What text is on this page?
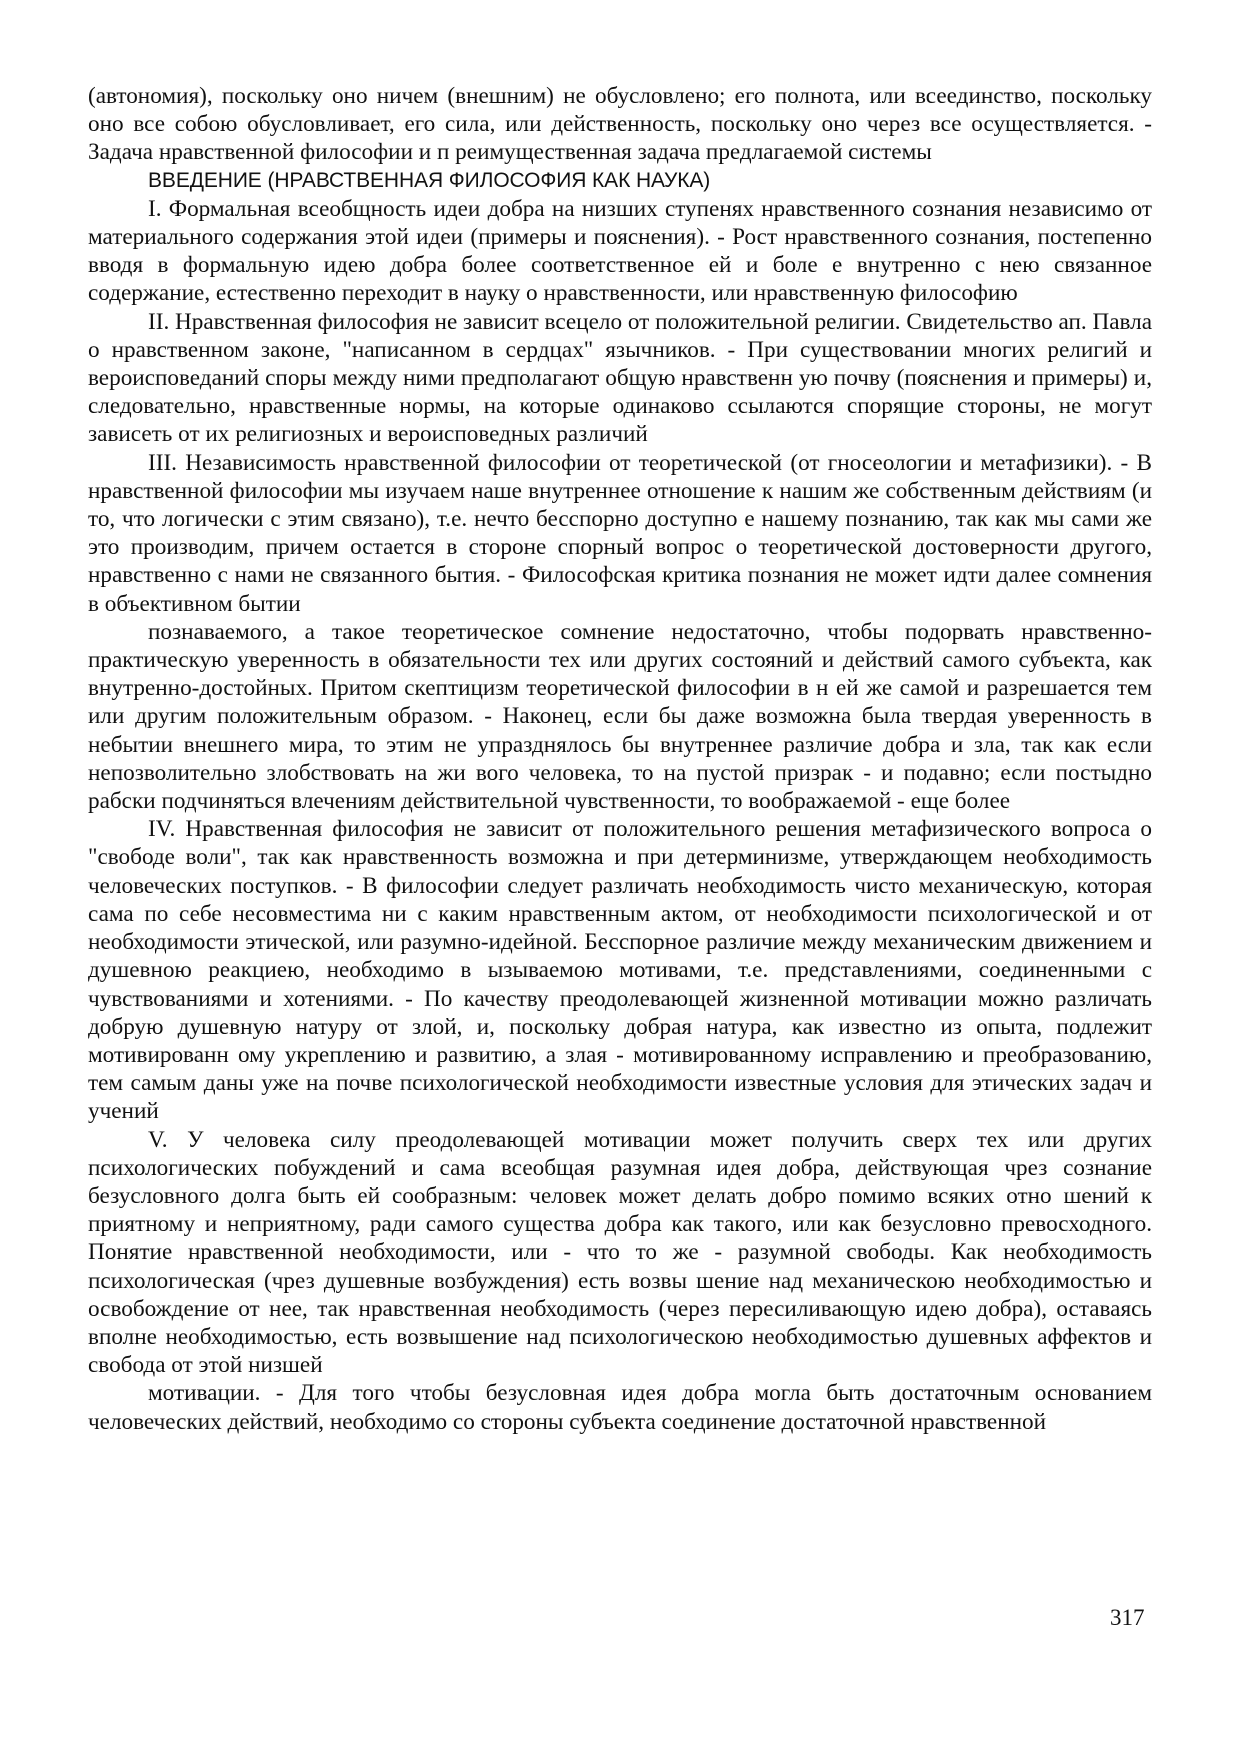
(автономия), поскольку оно ничем (внешним) не обусловлено; его полнота, или всеединство, поскольку оно все собою обусловливает, его сила, или действенность, поскольку оно через все осуществляется. - Задача нравственной философии и п реимущественная задача предлагаемой системы

ВВЕДЕНИЕ (НРАВСТВЕННАЯ ФИЛОСОФИЯ КАК НАУКА)

I. Формальная всеобщность идеи добра на низших ступенях нравственного сознания независимо от материального содержания этой идеи (примеры и пояснения). - Рост нравственного сознания, постепенно вводя в формальную идею добра более соответственное ей и боле е внутренно с нею связанное содержание, естественно переходит в науку о нравственности, или нравственную философию

II. Нравственная философия не зависит всецело от положительной религии. Свидетельство ап. Павла о нравственном законе, "написанном в сердцах" язычников. - При существовании многих религий и вероисповеданий споры между ними предполагают общую нравственн ую почву (пояснения и примеры) и, следовательно, нравственные нормы, на которые одинаково ссылаются спорящие стороны, не могут зависеть от их религиозных и вероисповедных различий

III. Независимость нравственной философии от теоретической (от гносеологии и метафизики). - В нравственной философии мы изучаем наше внутреннее отношение к нашим же собственным действиям (и то, что логически с этим связано), т.е. нечто бесспорно доступно е нашему познанию, так как мы сами же это производим, причем остается в стороне спорный вопрос о теоретической достоверности другого, нравственно с нами не связанного бытия. - Философская критика познания не может идти далее сомнения в объективном бытии

познаваемого, а такое теоретическое сомнение недостаточно, чтобы подорвать нравственно-практическую уверенность в обязательности тех или других состояний и действий самого субъекта, как внутренно-достойных. Притом скептицизм теоретической философии в н ей же самой и разрешается тем или другим положительным образом. - Наконец, если бы даже возможна была твердая уверенность в небытии внешнего мира, то этим не упразднялось бы внутреннее различие добра и зла, так как если непозволительно злобствовать на жи вого человека, то на пустой призрак - и подавно; если постыдно рабски подчиняться влечениям действительной чувственности, то воображаемой - еще более

IV. Нравственная философия не зависит от положительного решения метафизического вопроса о "свободе воли", так как нравственность возможна и при детерминизме, утверждающем необходимость человеческих поступков. - В философии следует различать необходимость чисто механическую, которая сама по себе несовместима ни с каким нравственным актом, от необходимости психологической и от необходимости этической, или разумно-идейной. Бесспорное различие между механическим движением и душевною реакциею, необходимо в ызываемою мотивами, т.е. представлениями, соединенными с чувствованиями и хотениями. - По качеству преодолевающей жизненной мотивации можно различать добрую душевную натуру от злой, и, поскольку добрая натура, как известно из опыта, подлежит мотивированн ому укреплению и развитию, а злая - мотивированному исправлению и преобразованию, тем самым даны уже на почве психологической необходимости известные условия для этических задач и учений

V. У человека силу преодолевающей мотивации может получить сверх тех или других психологических побуждений и сама всеобщая разумная идея добра, действующая чрез сознание безусловного долга быть ей сообразным: человек может делать добро помимо всяких отно шений к приятному и неприятному, ради самого существа добра как такого, или как безусловно превосходного. Понятие нравственной необходимости, или - что то же - разумной свободы. Как необходимость психологическая (чрез душевные возбуждения) есть возвы шение над механическою необходимостью и освобождение от нее, так нравственная необходимость (через пересиливающую идею добра), оставаясь вполне необходимостью, есть возвышение над психологическою необходимостью душевных аффектов и свобода от этой низшей

мотивации. - Для того чтобы безусловная идея добра могла быть достаточным основанием человеческих действий, необходимо со стороны субъекта соединение достаточной нравственной

317
